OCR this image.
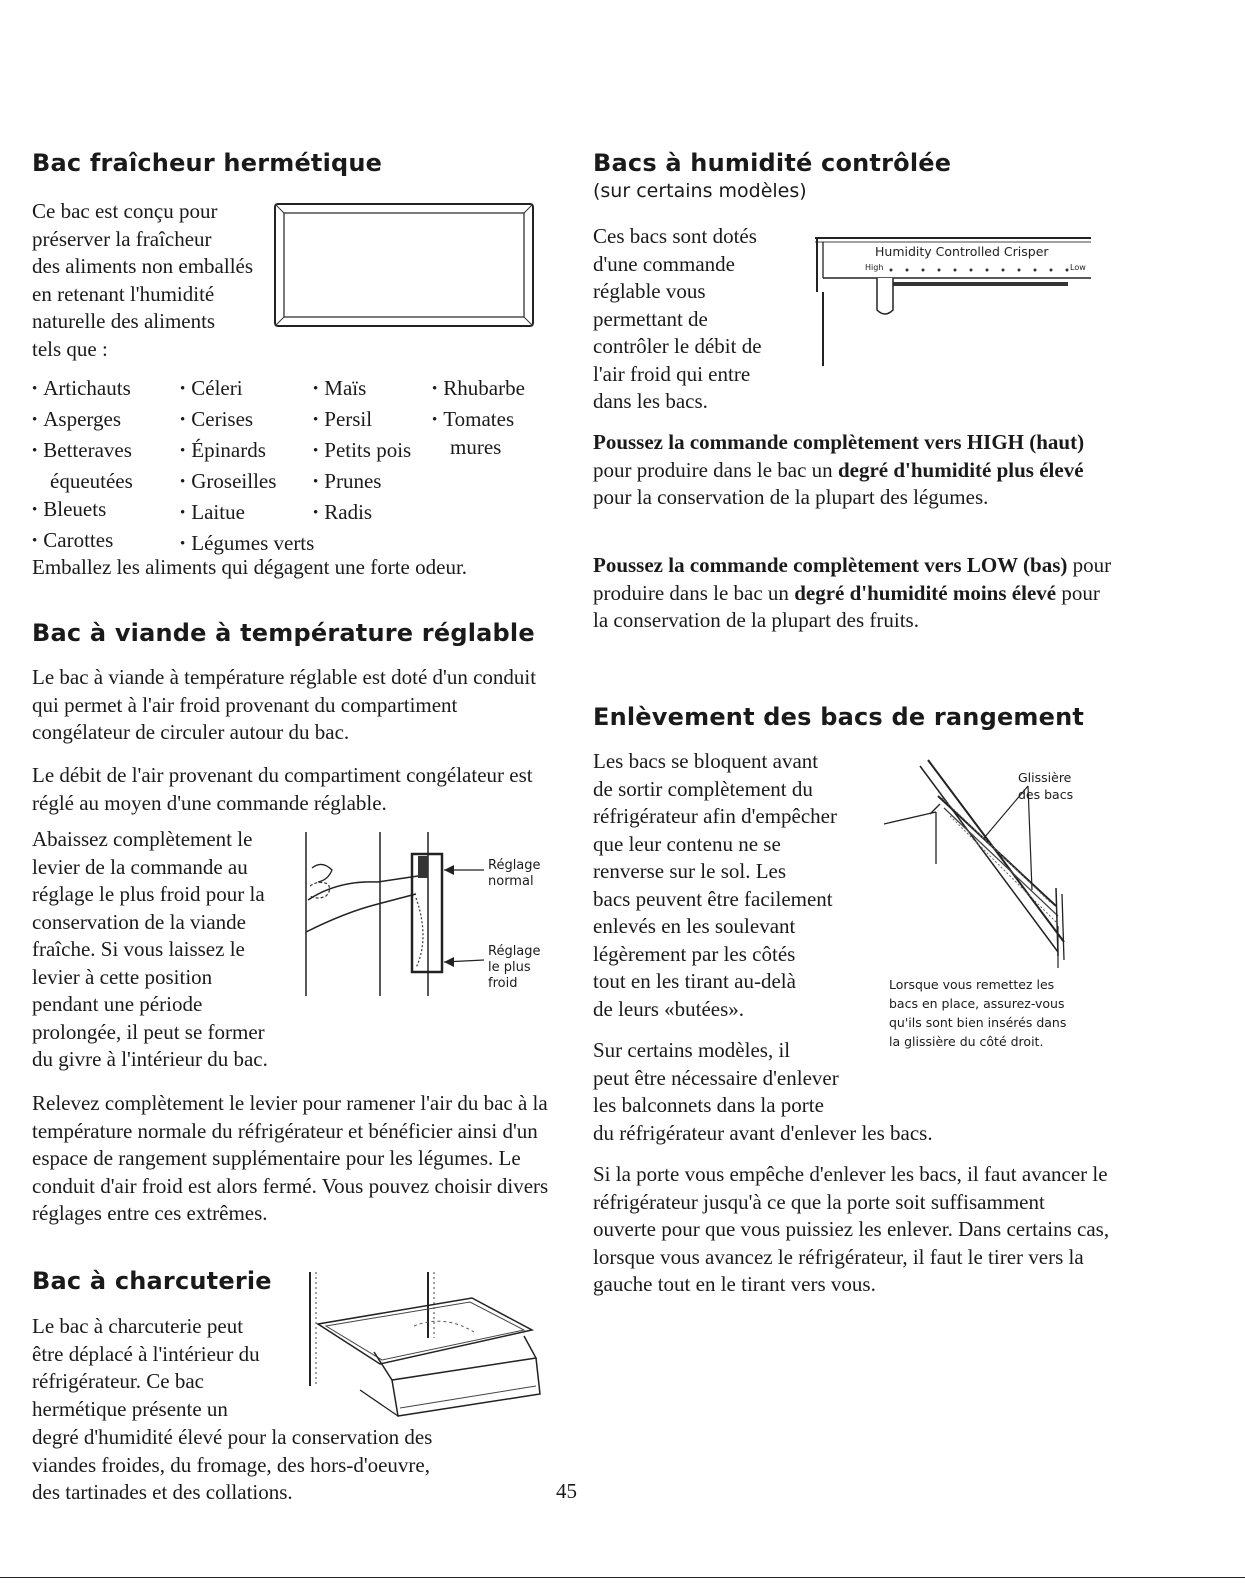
Bac fraîcheur hermétique
Ce bac est conçu pour
préserver la fraîcheur
des aliments non emballés
en retenant l'humidité
naturelle des aliments
tels que :
• Artichauts
• Asperges
• Betteraves
équeutées
• Bleuets
• Carottes
• Céleri
• Cerises
• Épinards
• Groseilles
• Laitue
• Légumes verts
• Maïs
• Persil
• Petits pois
• Prunes
• Radis
• Rhubarbe
• Tomates
mures

Emballez les aliments qui dégagent une forte odeur.

Bac à viande à température réglable

Le bac à viande à température réglable est doté d'un conduit qui permet à l'air froid provenant du compartiment congélateur de circuler autour du bac.

Le débit de l'air provenant du compartiment congélateur est réglé au moyen d'une commande réglable.

Abaissez complètement le
levier de la commande au
réglage le plus froid pour la
conservation de la viande
fraîche. Si vous laissez le
levier à cette position
pendant une période
prolongée, il peut se former
du givre à l'intérieur du bac.
Réglage
normal
Réglage
le plus
froid

Relevez complètement le levier pour ramener l'air du bac à la température normale du réfrigérateur et bénéficier ainsi d'un espace de rangement supplémentaire pour les légumes. Le conduit d'air froid est alors fermé. Vous pouvez choisir divers réglages entre ces extrêmes.

Bac à charcuterie
Le bac à charcuterie peut
être déplacé à l'intérieur du
réfrigérateur. Ce bac
hermétique présente un
degré d'humidité élevé pour la conservation des
viandes froides, du fromage, des hors-d'oeuvre,
des tartinades et des collations.
Bacs à humidité contrôlée
(sur certains modèles)
Ces bacs sont dotés
d'une commande
réglable vous
permettant de
contrôler le débit de
l'air froid qui entre
dans les bacs.
Humidity Controlled Crisper
High	Low

Poussez la commande complètement vers HIGH (haut) pour produire dans le bac un degré d'humidité plus élevé pour la conservation de la plupart des légumes.

Poussez la commande complètement vers LOW (bas) pour produire dans le bac un degré d'humidité moins élevé pour la conservation de la plupart des fruits.

Enlèvement des bacs de rangement
Les bacs se bloquent avant
de sortir complètement du
réfrigérateur afin d'empêcher
que leur contenu ne se
renverse sur le sol. Les
bacs peuvent être facilement
enlevés en les soulevant
légèrement par les côtés
tout en les tirant au-delà
de leurs «butées».
Sur certains modèles, il
peut être nécessaire d'enlever
les balconnets dans la porte
du réfrigérateur avant d'enlever les bacs.

Si la porte vous empêche d'enlever les bacs, il faut avancer le réfrigérateur jusqu'à ce que la porte soit suffisamment ouverte pour que vous puissiez les enlever. Dans certains cas, lorsque vous avancez le réfrigérateur, il faut le tirer vers la gauche tout en le tirant vers vous.

Glissière
des bacs
Lorsque vous remettez les
bacs en place, assurez-vous
qu'ils sont bien insérés dans
la glissière du côté droit.
45
